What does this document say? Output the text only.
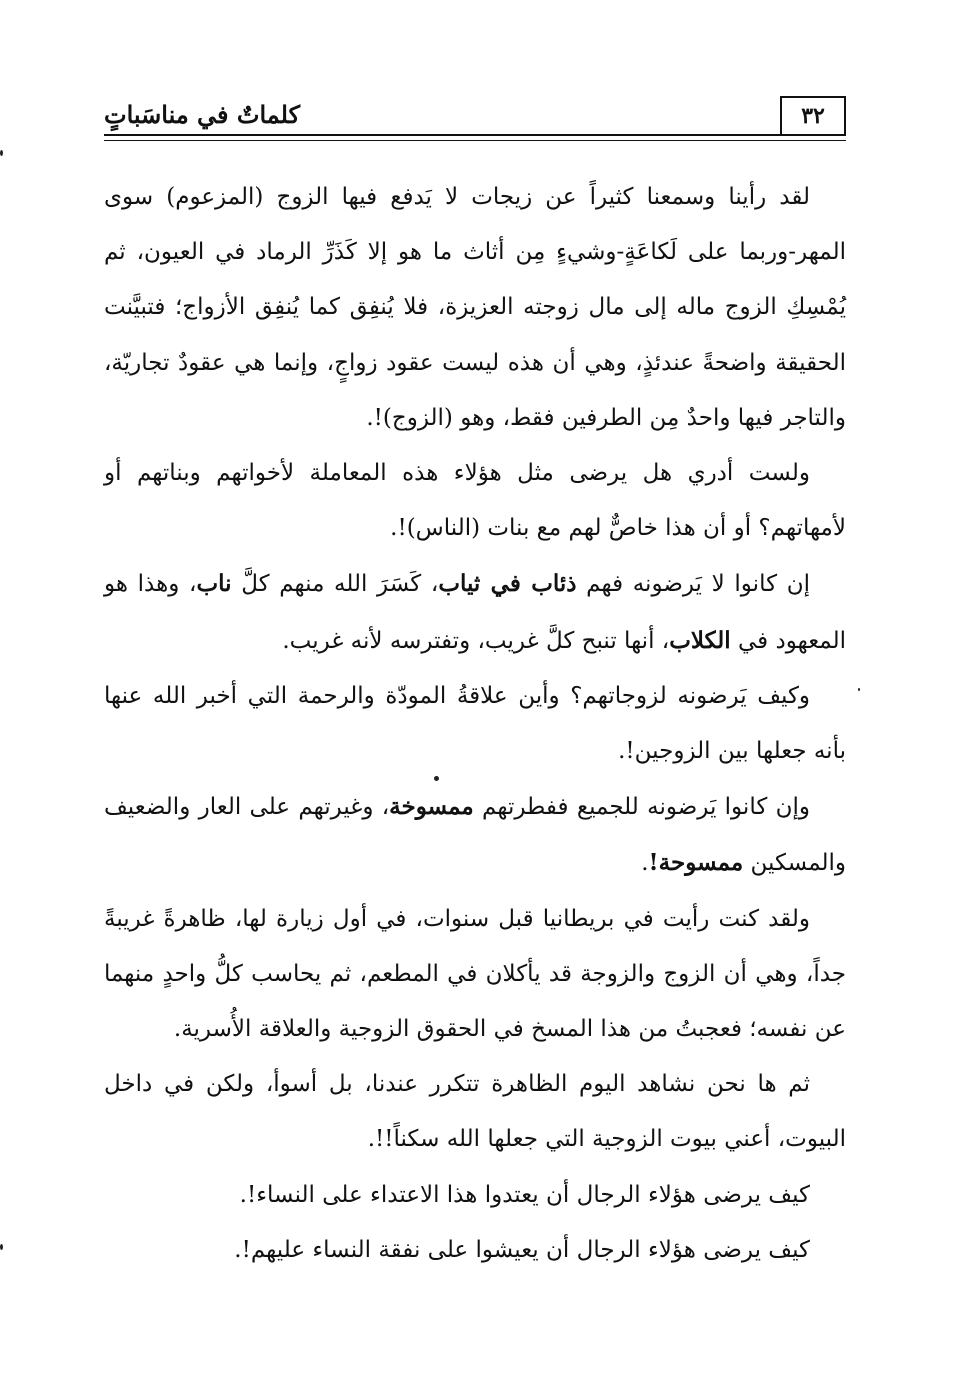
٣٢
كلماتٌ في مناسَباتٍ

لقد رأينا وسمعنا كثيراً عن زيجات لا يَدفع فيها الزوج (المزعوم) سوى المهر-وربما على لَكاعَةٍ-وشيءٍ مِن أثاث ما هو إلا كَذَرِّ الرماد في العيون، ثم يُمْسِكِ الزوج ماله إلى مال زوجته العزيزة، فلا يُنفِق كما يُنفِق الأزواج؛ فتبيَّنت الحقيقة واضحةً عندئذٍ، وهي أن هذه ليست عقود زواجٍ، وإنما هي عقودٌ تجاريّة، والتاجر فيها واحدٌ مِن الطرفين فقط، وهو (الزوج)!.

ولست أدري هل يرضى مثل هؤلاء هذه المعاملة لأخواتهم وبناتهم أو لأمهاتهم؟ أو أن هذا خاصٌّ لهم مع بنات (الناس)!.

إن كانوا لا يَرضونه فهم ذئاب في ثياب، كَسَرَ الله منهم كلَّ ناب، وهذا هو المعهود في الكلاب، أنها تنبح كلَّ غريب، وتفترسه لأنه غريب.

وكيف يَرضونه لزوجاتهم؟ وأين علاقةُ المودّة والرحمة التي أخبر الله عنها بأنه جعلها بين الزوجين!.

وإن كانوا يَرضونه للجميع ففطرتهم ممسوخة، وغيرتهم على العار والضعيف والمسكين ممسوحة!.

ولقد كنت رأيت في بريطانيا قبل سنوات، في أول زيارة لها، ظاهرةً غريبةً جداً، وهي أن الزوج والزوجة قد يأكلان في المطعم، ثم يحاسب كلُّ واحدٍ منهما عن نفسه؛ فعجبتُ من هذا المسخ في الحقوق الزوجية والعلاقة الأُسرية.

ثم ها نحن نشاهد اليوم الظاهرة تتكرر عندنا، بل أسوأ، ولكن في داخل البيوت، أعني بيوت الزوجية التي جعلها الله سكناً!!.

كيف يرضى هؤلاء الرجال أن يعتدوا هذا الاعتداء على النساء!.

كيف يرضى هؤلاء الرجال أن يعيشوا على نفقة النساء عليهم!.
